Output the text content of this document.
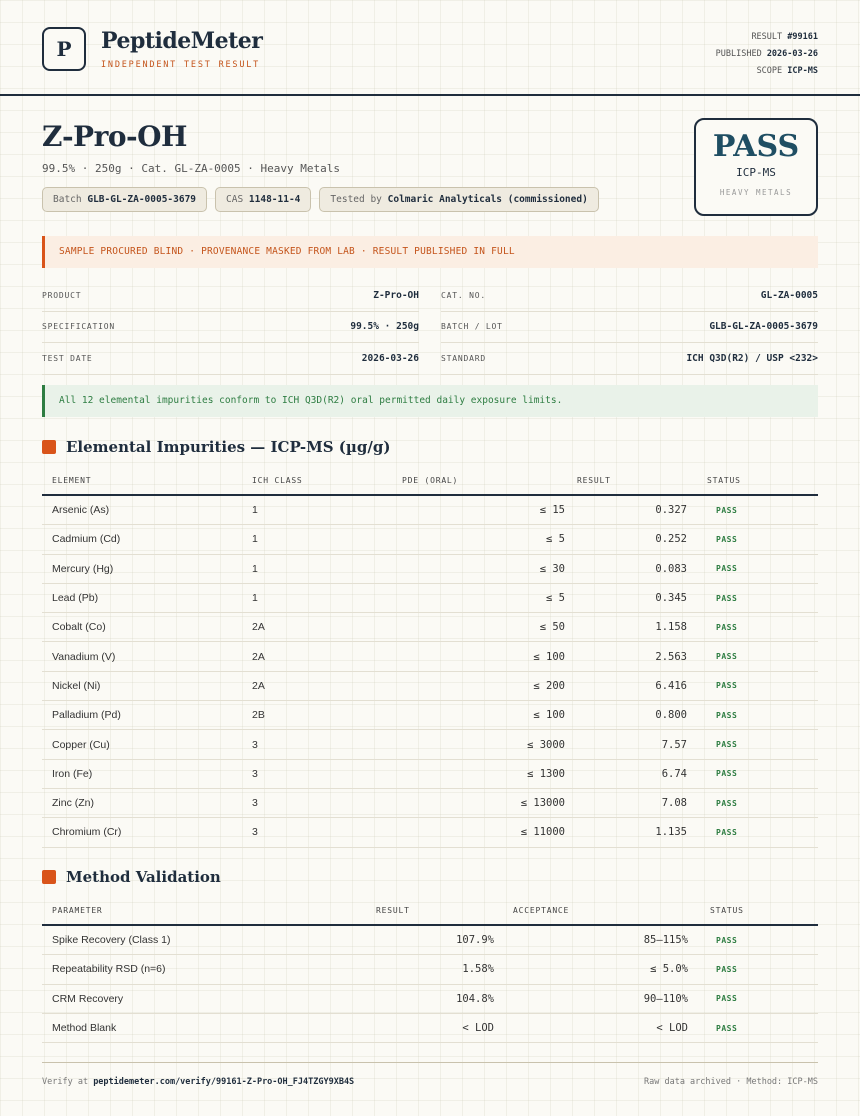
P	PeptideMeter
INDEPENDENT TEST RESULT
RESULT #99161
PUBLISHED 2026-03-26
SCOPE ICP-MS
Z-Pro-OH
99.5% · 250g · Cat. GL-ZA-0005 · Heavy Metals
Batch GLB-GL-ZA-0005-3679	CAS 1148-11-4	Tested by Colmaric Analyticals (commissioned)
PASS
ICP-MS
HEAVY METALS
SAMPLE PROCURED BLIND · PROVENANCE MASKED FROM LAB · RESULT PUBLISHED IN FULL
PRODUCT	Z-Pro-OH
SPECIFICATION	99.5% · 250g
TEST DATE	2026-03-26
CAT. NO.	GL-ZA-0005
BATCH / LOT	GLB-GL-ZA-0005-3679
STANDARD	ICH Q3D(R2) / USP <232>
All 12 elemental impurities conform to ICH Q3D(R2) oral permitted daily exposure limits.
Elemental Impurities — ICP-MS (µg/g)
ELEMENT	ICH CLASS	PDE (ORAL)	RESULT	STATUS
Arsenic (As)	1	≤ 15	0.327	PASS
Cadmium (Cd)	1	≤ 5	0.252	PASS
Mercury (Hg)	1	≤ 30	0.083	PASS
Lead (Pb)	1	≤ 5	0.345	PASS
Cobalt (Co)	2A	≤ 50	1.158	PASS
Vanadium (V)	2A	≤ 100	2.563	PASS
Nickel (Ni)	2A	≤ 200	6.416	PASS
Palladium (Pd)	2B	≤ 100	0.800	PASS
Copper (Cu)	3	≤ 3000	7.57	PASS
Iron (Fe)	3	≤ 1300	6.74	PASS
Zinc (Zn)	3	≤ 13000	7.08	PASS
Chromium (Cr)	3	≤ 11000	1.135	PASS
Method Validation
PARAMETER	RESULT	ACCEPTANCE	STATUS
Spike Recovery (Class 1)	107.9%	85–115%	PASS
Repeatability RSD (n=6)	1.58%	≤ 5.0%	PASS
CRM Recovery	104.8%	90–110%	PASS
Method Blank	< LOD	< LOD	PASS
Verify at peptidemeter.com/verify/99161-Z-Pro-OH_FJ4TZGY9XB4S	Raw data archived · Method: ICP-MS
